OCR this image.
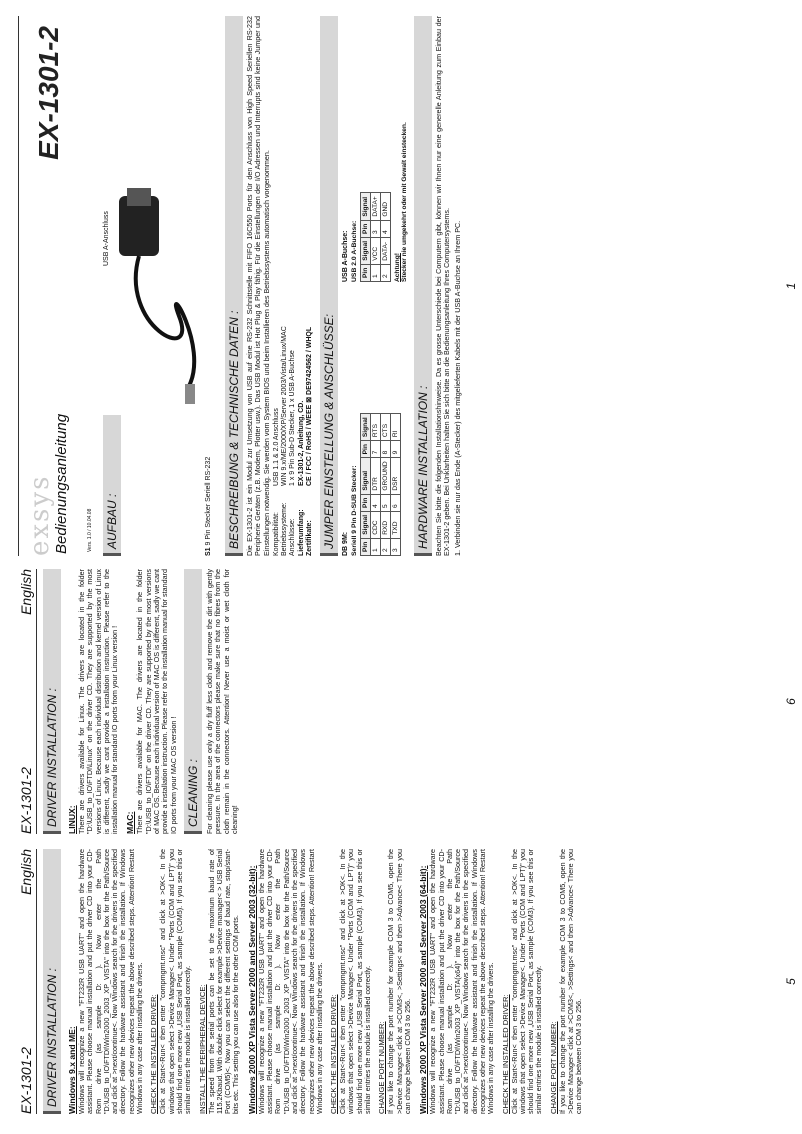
EX-1301-2
English
DRIVER INSTALLATION : Windows 9.x and ME: Windows will recognize a new "FT232R USB UART" and open the hardware assistant. Please choose manual installation and put the driver CD into your CD-Rom drive (as sample D: ). Now enter the Path "D:\USB_to_IO\FTDI\Win2000_2003_XP_VISTA" into the box for the Path/Source and click at >next/continue<. Now Windows search for the drivers in the specified directory. Follow the hardware assistant and finish the installation. If Windows recognizes other new devices repeat the above described steps. Attention! Restart Windows in any case after installing the drivers. CHECK THE INSTALLED DRIVER: Click at Start<-Run< then enter "compmgmt.msc" and click at >OK<. In the windows that open select >Device Manager<. Under "Ports (COM and LPT)" you should find one more new „USB Serial Port„ as sample (COM5). If you see this or similar entries the module is installed correctly. INSTALL THE PERIPHERAL DEVICE: The speed from the serial ports can be set to the maximum baud rate of 115.2Kbaud. With double click select for example >Device manager< > USB Serial Port (COM5)<. Now you can select the different settings of baud rate, stop/start-bits etc. This setting you can use also for the other COM ports. Windows 2000 XP Vista Server 2000 and Server 2003 (32-bit): Windows will recognize a new "FT232R USB UART" and open the hardware assistant. Please choose manual installation and put the driver CD into your CD-Rom drive (as sample D: ). Now enter the Path "D:\USB_to_IO\FTDI\Win2000_2003_XP_VISTA" into the box for the Path/Source and click at >next/continue<. Now Windows search for the drivers in the specified directory. Follow the hardware assistant and finish the installation. If Windows recognizes other new devices repeat the above described steps. Attention! Restart Windows in any case after installing the drivers. CHECK THE INSTALLED DRIVER: Click at Start<-Run< then enter "compmgmt.msc" and click at >OK<. In the windows that open select >Device Manager<. Under "Ports (COM and LPT)" you should find one more new „USB Serial Port„ as sample (COM3). If you see this or similar entries the module is installed correctly. CHANGE PORT NUMBER: If you like to change the port number for example COM 3 to COM5, open the >Device Manager< click at >COM3<, >Settings< and then >Advance< There you can change between COM 3 to 256. Windows 2000 XP Vista Server 2000 and Server 2003 (64-bit): Windows will recognize a new "FT232R USB UART" and open the hardware assistant. Please choose manual installation and put the driver CD into your CD-Rom drive (as sample D: ). Now enter the Path "D:\USB_to_IO\FTDI\Win2003_XP_VISTA(x64)" into the box for the Path/Source and click at >next/continue<. Now Windows search for the drivers in the specified directory. Follow the hardware assistant and finish the installation. If Windows recognizes other new devices repeat the above described steps. Attention! Restart Windows in any case after installing the drivers. CHECK THE INSTALLED DRIVER: Click at Start<-Run< then enter "compmgmt.msc" and click at >OK<. In the windows that open select >Device Manager<. Under "Ports (COM and LPT)" you should find one more new „USB Serial Port„ as sample (COM3). If you see this or similar entries the module is installed correctly. CHANGE PORT NUMBER: If you like to change the port number for example COM 3 to COM5, open the >Device Manager< click at >COM3<, >Settings< and then >Advance< There you can change between COM 3 to 256.

5
EX-1301-2
English
DRIVER INSTALLATION : LINUX: There are drivers available for Linux. The drivers are located in the folder "D:\USB_to_IO\FTDI\Linux" on the driver CD. They are supported by the most versions of Linux. Because each individual distribution and kernel version of Linux is different, sadly we cant provide a installation instruction. Please refer to the installation manual for standard IO ports from your Linux version ! MAC: There are drivers available for MAC. The drivers are located in the folder "D:\USB_to_IO\FTDI" on the driver CD. They are supported by the most versions of MAC OS. Because each individual version of MAC OS is different, sadly we cant provide a installation instruction. Please refer to the installation manual for standard IO ports from your MAC OS version ! CLEANING : For cleaning please use only a dry fluff less cloth and remove the dirt with gently pressure. In the area of the connectors please make sure that no fibres from the cloth remain in the connectors. Attention! Never use a moist or wet cloth for cleaning!

6
exsys
Bedienungsanleitung	Vers. 1.0 / 10.04.08
EX-1301-2
AUFBAU :
USB A-Anschluss
S1 9 Pin Stecker Seriell RS-232 BESCHREIBUNG & TECHNISCHE DATEN : Die EX-1301-2 ist ein Modul zur Umsetzung von USB auf eine RS-232 Schnittstelle mit FIFO 16C550 Ports für den Anschluss von High Speed Seriellen RS-232 Peripherie Geräten (z.B. Modem, Plotter usw.). Das USB Modul ist Hot Plug & Play fähig. Für die Einstellungen der I/O Adressen und Interrupts sind keine Jumper und Einstellungen notwendig. Sie werden vom System BIOS und beim Installieren des Betriebssystems automatisch vorgenommen. Kompatibilität:
USB 1.1 & 2.0 Anschluss
Betriebssysteme:
WIN 9.x/ME/2000/XP/Server 2003/Vista/Linux/MAC
Anschlüsse:
1 x 9 Pin Sub-D Stecker, 1 x USB A-Buchse
Lieferumfang:
EX-1301-2, Anleitung, CD.
Zertifikate:
CE / FCC / RoHS / WEEE ⊠ DE97424562 / WHQL JUMPER EINSTELLUNG & ANSCHLÜSSE: DB 9M: Seriell 9 Pin D-SUB Stecker: Pin	Signal	Pin	Signal	Pin	Signal
1	CDC	4	DTR	7	RTS
2	RXD	5	GROUND	8	CTS
3	TXD	6	DSR	9	RI
USB A-Buchse: USB 2.0 A-Buchse: Pin	Signal	Pin	Signal
1	VCC	3	DATA+
2	DATA-	4	GND
Achtung!
Stecker nie umgekehrt oder mit Gewalt einstecken.
HARDWARE INSTALLATION : Beachten Sie bitte die folgenden Installationshinweise. Da es grosse Unterschiede bei Computern gibt, können wir Ihnen nur eine generelle Anleitung zum Einbau der EX-1301-2 geben. Bei Unklarheiten halten Sie sich bitte an die Bedienungsanleitung Ihres Computersystems. 1. Verbinden sie nur das Ende (A-Stecker) des mitgelieferten Kabels mit der USB A-Buchse an Ihrem PC.	1
